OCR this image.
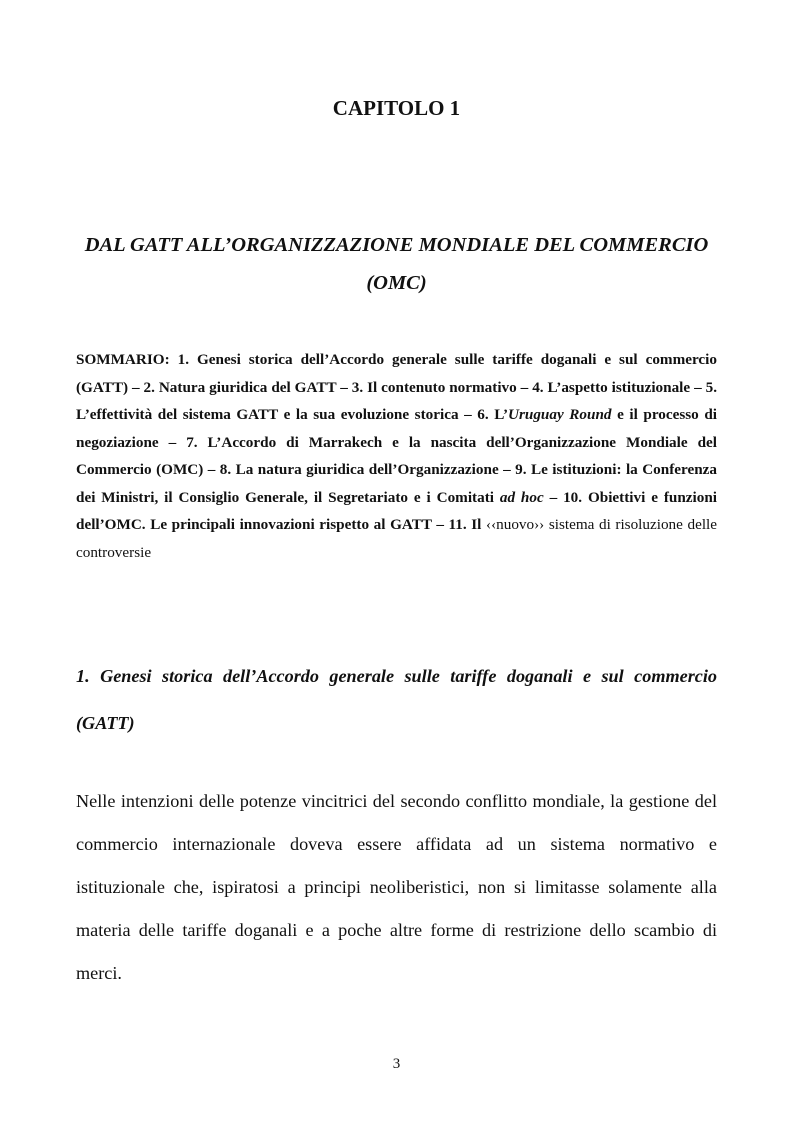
CAPITOLO 1
DAL GATT ALL’ORGANIZZAZIONE MONDIALE DEL COMMERCIO (OMC)

SOMMARIO: 1. Genesi storica dell’Accordo generale sulle tariffe doganali e sul commercio (GATT) – 2. Natura giuridica del GATT – 3. Il contenuto normativo – 4. L’aspetto istituzionale – 5. L’effettività del sistema GATT e la sua evoluzione storica – 6. L’Uruguay Round e il processo di negoziazione – 7. L’Accordo di Marrakech e la nascita dell’Organizzazione Mondiale del Commercio (OMC) – 8. La natura giuridica dell’Organizzazione – 9. Le istituzioni: la Conferenza dei Ministri, il Consiglio Generale, il Segretariato e i Comitati ad hoc – 10. Obiettivi e funzioni dell’OMC. Le principali innovazioni rispetto al GATT – 11. Il ‹‹nuovo›› sistema di risoluzione delle controversie

1. Genesi storica dell’Accordo generale sulle tariffe doganali e sul commercio (GATT)

Nelle intenzioni delle potenze vincitrici del secondo conflitto mondiale, la gestione del commercio internazionale doveva essere affidata ad un sistema normativo e istituzionale che, ispiratosi a principi neoliberistici, non si limitasse solamente alla materia delle tariffe doganali e a poche altre forme di restrizione dello scambio di merci.

3
